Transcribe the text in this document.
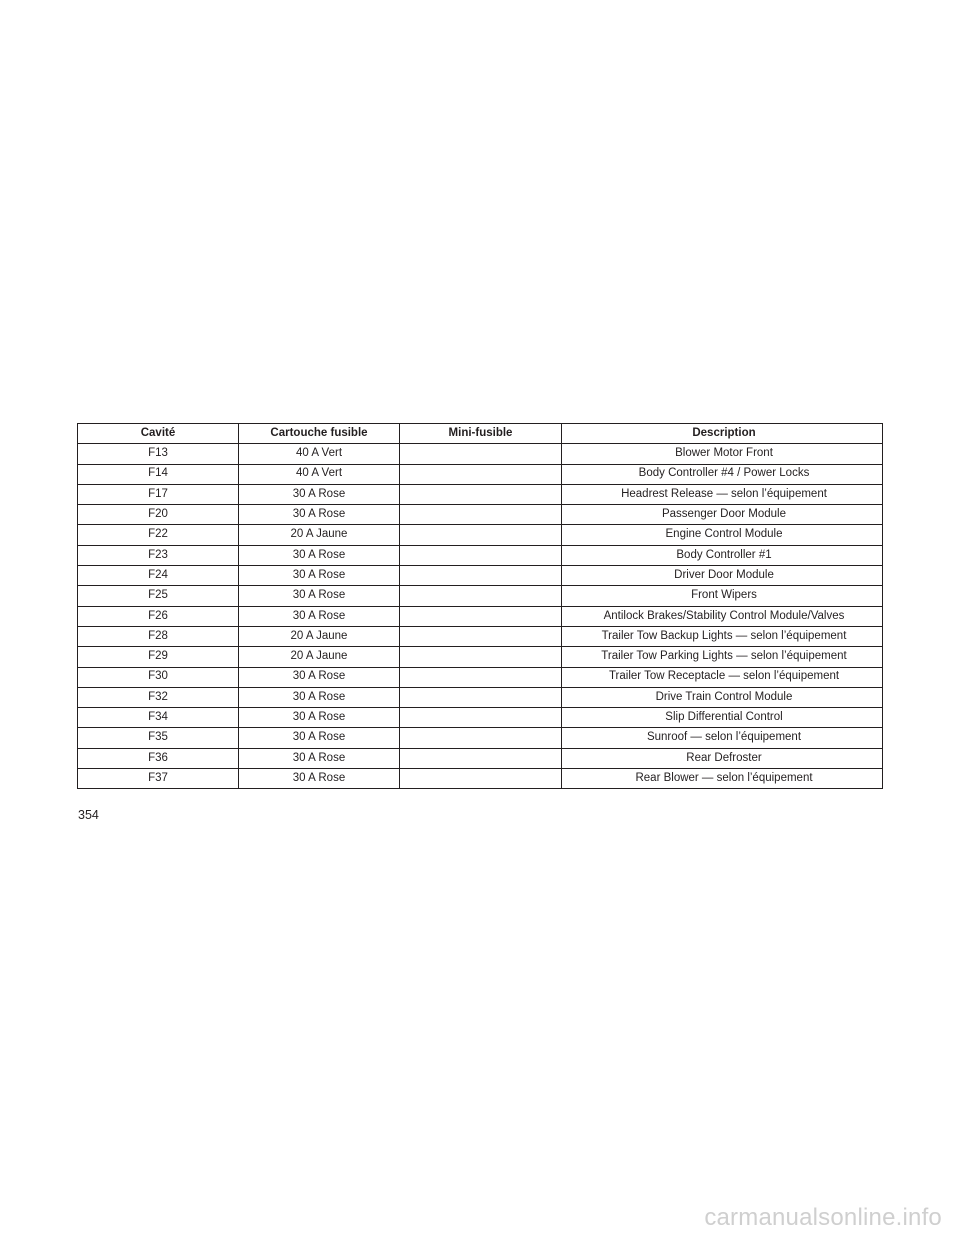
Cavité	Cartouche fusible	Mini-fusible	Description
F13	40 A Vert		Blower Motor Front
F14	40 A Vert		Body Controller #4 / Power Locks
F17	30 A Rose		Headrest Release — selon l’équipement
F20	30 A Rose		Passenger Door Module
F22	20 A Jaune		Engine Control Module
F23	30 A Rose		Body Controller #1
F24	30 A Rose		Driver Door Module
F25	30 A Rose		Front Wipers
F26	30 A Rose		Antilock Brakes/Stability Control Module/Valves
F28	20 A Jaune		Trailer Tow Backup Lights — selon l’équipement
F29	20 A Jaune		Trailer Tow Parking Lights — selon l’équipement
F30	30 A Rose		Trailer Tow Receptacle — selon l’équipement
F32	30 A Rose		Drive Train Control Module
F34	30 A Rose		Slip Differential Control
F35	30 A Rose		Sunroof — selon l’équipement
F36	30 A Rose		Rear Defroster
F37	30 A Rose		Rear Blower — selon l’équipement
354
carmanualsonline.info
